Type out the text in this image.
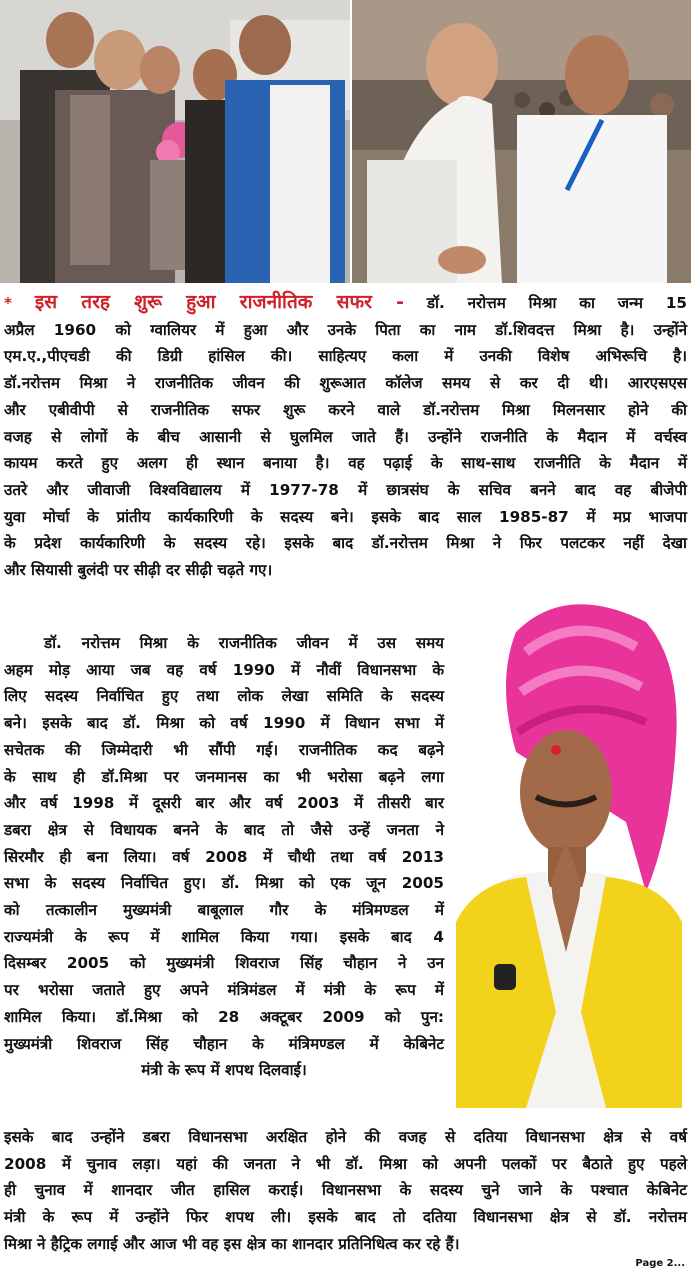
* इस तरह शुरू हुआ राजनीतिक सफर - डॉ. नरोत्तम मिश्रा का जन्म 15
अप्रैल 1960 को ग्वालियर में हुआ और उनके पिता का नाम डॉ.शिवदत्त मिश्रा है। उन्होंने
एम.ए.,पीएचडी की डिग्री हांसिल की। साहित्यए कला में उनकी विशेष अभिरूचि है।
डॉ.नरोत्तम मिश्रा ने राजनीतिक जीवन की शुरूआत कॉलेज समय से कर दी थी। आरएसएस
और एबीवीपी से राजनीतिक सफर शुरू करने वाले डॉ.नरोत्तम मिश्रा मिलनसार होने की
वजह से लोगों के बीच आसानी से घुलमिल जाते हैं। उन्होंने राजनीति के मैदान में वर्चस्व
कायम करते हुए अलग ही स्थान बनाया है। वह पढ़ाई के साथ-साथ राजनीति के मैदान में
उतरे और जीवाजी विश्वविद्यालय में 1977-78 में छात्रसंघ के सचिव बनने बाद वह बीजेपी
युवा मोर्चा के प्रांतीय कार्यकारिणी के सदस्य बने। इसके बाद साल 1985-87 में मप्र भाजपा
के प्रदेश कार्यकारिणी के सदस्य रहे। इसके बाद डॉ.नरोत्तम मिश्रा ने फिर पलटकर नहीं देखा
और सियासी बुलंदी पर सीढ़ी दर सीढ़ी चढ़ते गए।
डॉ. नरोत्तम मिश्रा के राजनीतिक जीवन में उस समय
अहम मोड़ आया जब वह वर्ष 1990 में नौवीं विधानसभा के
लिए सदस्य निर्वाचित हुए तथा लोक लेखा समिति के सदस्य
बने। इसके बाद डॉ. मिश्रा को वर्ष 1990 में विधान सभा में
सचेतक की जिम्मेदारी भी सौंपी गई। राजनीतिक कद बढ़ने
के साथ ही डॉ.मिश्रा पर जनमानस का भी भरोसा बढ़ने लगा
और वर्ष 1998 में दूसरी बार और वर्ष 2003 में तीसरी बार
डबरा क्षेत्र से विधायक बनने के बाद तो जैसे उन्हें जनता ने
सिरमौर ही बना लिया। वर्ष 2008 में चौथी तथा वर्ष 2013
सभा के सदस्य निर्वाचित हुए। डॉ. मिश्रा को एक जून 2005
को तत्कालीन मुख्यमंत्री बाबूलाल गौर के मंत्रिमण्डल में
राज्यमंत्री के रूप में शामिल किया गया। इसके बाद 4
दिसम्बर 2005 को मुख्यमंत्री शिवराज सिंह चौहान ने उन
पर भरोसा जताते हुए अपने मंत्रिमंडल में मंत्री के रूप में
शामिल किया। डॉ.मिश्रा को 28 अक्टूबर 2009 को पुन:
मुख्यमंत्री शिवराज सिंह चौहान के मंत्रिमण्डल में केबिनेट
मंत्री के रूप में शपथ दिलवाई।
इसके बाद उन्होंने डबरा विधानसभा अरक्षित होने की वजह से दतिया विधानसभा क्षेत्र से वर्ष
2008 में चुनाव लड़ा। यहां की जनता ने भी डॉ. मिश्रा को अपनी पलकों पर बैठाते हुए पहले
ही चुनाव में शानदार जीत हासिल कराई। विधानसभा के सदस्य चुने जाने के पश्चात केबिनेट
मंत्री के रूप में उन्होंने फिर शपथ ली। इसके बाद तो दतिया विधानसभा क्षेत्र से डॉ. नरोत्तम
मिश्रा ने हैट्रिक लगाई और आज भी वह इस क्षेत्र का शानदार प्रतिनिधित्व कर रहे हैं।
Page 2...
